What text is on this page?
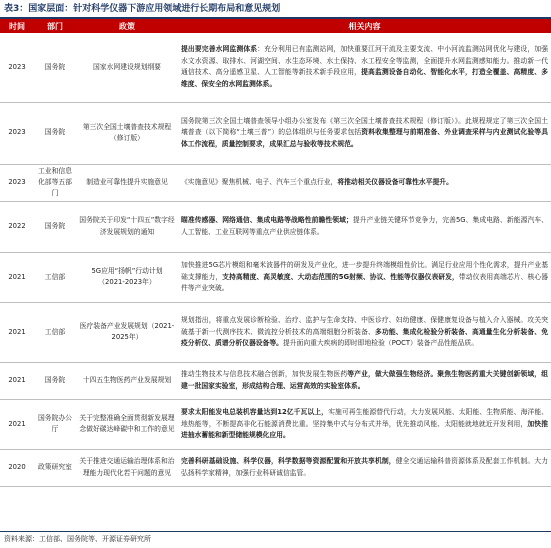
表3：国家层面：针对科学仪器下游应用领域进行长期布局和意见规划
时间	部门	政策	相关内容
2023	国务院	国家水网建设规划纲要	提出要完善水网监测体系：充分利用已有监测站网，加快重要江河干流及主要支流、中小河流监测站网优化与建设，加强水文水资源、取排水、河湖空间、水生态环境、水土保持、水工程安全等监测，全面提升水网监测感知能力。推动新一代通信技术、高分遥感卫星、人工智能等新技术新手段应用，提高监测设备自动化、智能化水平，打造全覆盖、高精度、多维度、保安全的水网监测体系。
2023	国务院	第三次全国土壤普查技术规程（修订版）	国务院第三次全国土壤普查领导小组办公室发布《第三次全国土壤普查技术规程（修订版）》。此规程规定了第三次全国土壤普查（以下简称“土壤三普”）的总体组织与任务要求包括资料收集整理与前期准备、外业调查采样与内业测试化验等具体工作流程，质量控制要求，成果汇总与验收等技术规范。
2023	工业和信息化部等五部门	制造业可靠性提升实施意见	《实施意见》聚焦机械、电子、汽车三个重点行业，将推动相关仪器设备可靠性水平提升。
2022	国务院	国务院关于印发“十四五”数字经济发展规划的通知	瞄准传感器、网络通信、集成电路等战略性前瞻性领域；提升产业链关键环节竞争力，完善5G、集成电路、新能源汽车、人工智能、工业互联网等重点产业供应链体系。
2021	工信部	5G应用“扬帆”行动计划（2021-2023年）	加快推进5G芯片模组和毫米波器件的研发及产业化，进一步提升终端模组性价比。满足行业应用个性化需求，提升产业基础支撑能力，支持高精度、高灵敏度、大动态范围的5G射频、协议、性能等仪器仪表研发，带动仪表用高端芯片、核心器件等产业突破。
2021	工信部	医疗装备产业发展规划（2021-2025年）	规划指出，将重点发展诊断检验、治疗、监护与生命支持、中医诊疗、妇幼健康、保健康复设备与植入介入器械。攻关突破基于新一代测序技术、微流控分析技术的高端细胞分析装备、多功能、集成化检验分析装备、高通量生化分析装备、免疫分析仪、质谱分析仪器设备等。提升面向重大疾病的即时即地检验（POCT）装备产品性能品质。
2021	国务院	十四五生物医药产业发展规划	推动生物技术与信息技术融合创新，加快发展生物医药等产业，做大做强生物经济。聚焦生物医药重大关键创新领域，组建一批国家实验室，形成结构合理、运营高效的实验室体系。
2021	国务院办公厅	关于完整准确全面贯彻新发展理念做好碳达峰碳中和工作的意见	要求太阳能发电总装机容量达到12亿千瓦以上，实施可再生能源替代行动，大力发展风能、太阳能、生物质能、海洋能、地热能等，不断提高非化石能源消费比重。坚持集中式与分布式并举，优先推动风能、太阳能就地就近开发利用，加快推进抽水蓄能和新型储能规模化应用。
2020	政策研究室	关于推进交通运输治理体系和治理能力现代化若干问题的意见	完善科研基础设施、科学仪器，科学数据等资源配置和开放共享机制，健全交通运输科普资源体系及配套工作机制。大力弘扬科学家精神，加强行业科研诚信监管。
资料来源：工信部、国务院等、开源证券研究所
